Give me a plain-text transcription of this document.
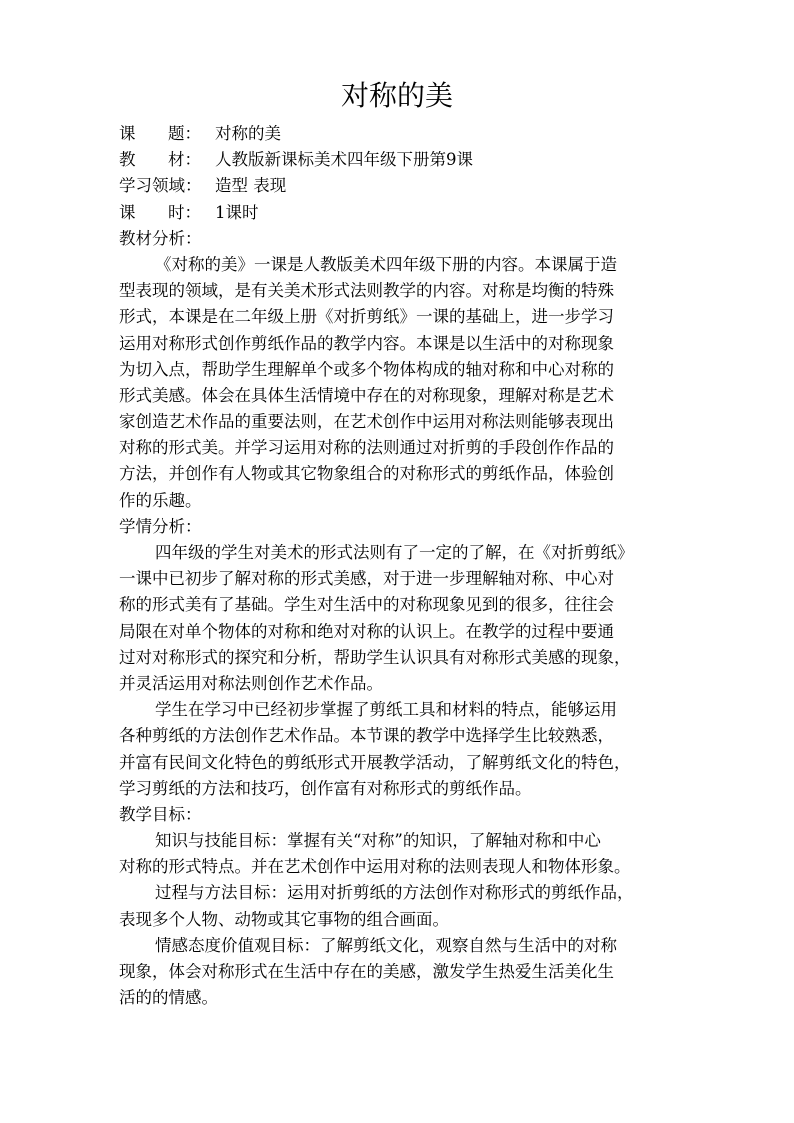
对称的美
课 题： 对称的美
教 材： 人教版新课标美术四年级下册第9课
学习领域： 造型 表现
课 时： 1课时
教材分析：
《对称的美》一课是人教版美术四年级下册的内容。本课属于造
型表现的领域，是有关美术形式法则教学的内容。对称是均衡的特殊
形式，本课是在二年级上册《对折剪纸》一课的基础上，进一步学习
运用对称形式创作剪纸作品的教学内容。本课是以生活中的对称现象
为切入点，帮助学生理解单个或多个物体构成的轴对称和中心对称的
形式美感。体会在具体生活情境中存在的对称现象，理解对称是艺术
家创造艺术作品的重要法则，在艺术创作中运用对称法则能够表现出
对称的形式美。并学习运用对称的法则通过对折剪的手段创作作品的
方法，并创作有人物或其它物象组合的对称形式的剪纸作品，体验创
作的乐趣。
学情分析：
四年级的学生对美术的形式法则有了一定的了解，在《对折剪纸》
一课中已初步了解对称的形式美感，对于进一步理解轴对称、中心对
称的形式美有了基础。学生对生活中的对称现象见到的很多，往往会
局限在对单个物体的对称和绝对对称的认识上。在教学的过程中要通
过对对称形式的探究和分析，帮助学生认识具有对称形式美感的现象，
并灵活运用对称法则创作艺术作品。
学生在学习中已经初步掌握了剪纸工具和材料的特点，能够运用
各种剪纸的方法创作艺术作品。本节课的教学中选择学生比较熟悉，
并富有民间文化特色的剪纸形式开展教学活动，了解剪纸文化的特色，
学习剪纸的方法和技巧，创作富有对称形式的剪纸作品。
教学目标：
知识与技能目标：掌握有关“对称”的知识，了解轴对称和中心
对称的形式特点。并在艺术创作中运用对称的法则表现人和物体形象。
过程与方法目标：运用对折剪纸的方法创作对称形式的剪纸作品，
表现多个人物、动物或其它事物的组合画面。
情感态度价值观目标：了解剪纸文化，观察自然与生活中的对称
现象，体会对称形式在生活中存在的美感，激发学生热爱生活美化生
活的的情感。
